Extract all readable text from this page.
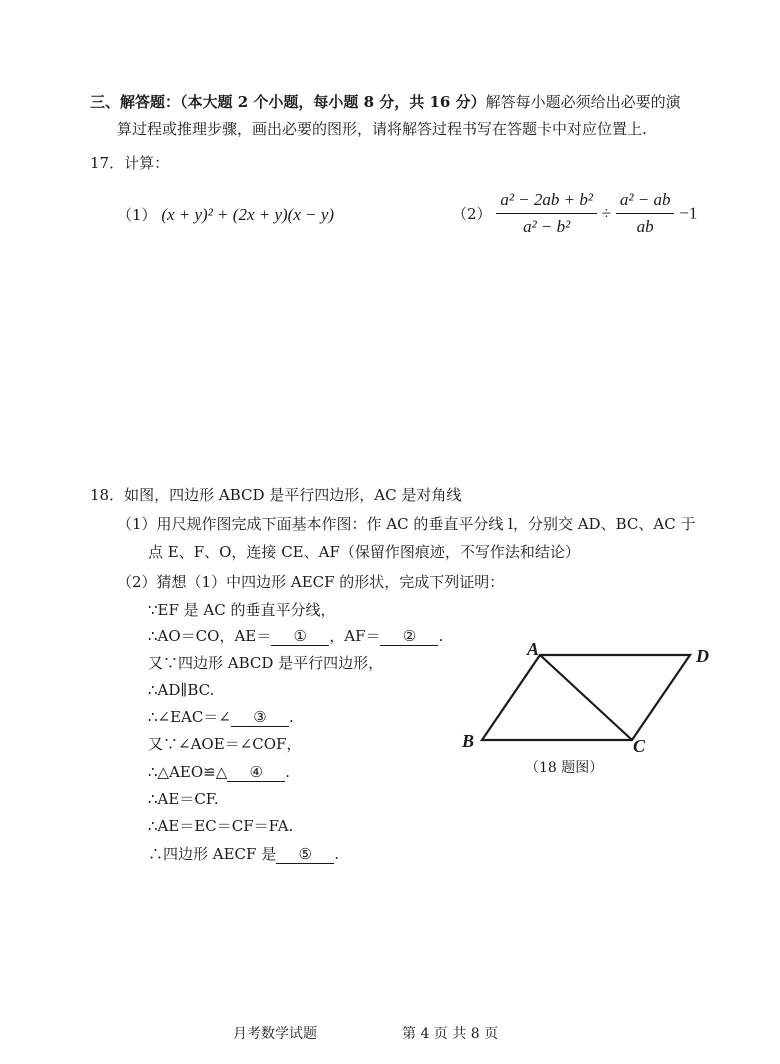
三、解答题：（本大题 2 个小题，每小题 8 分，共 16 分）解答每小题必须给出必要的演
算过程或推理步骤，画出必要的图形，请将解答过程书写在答题卡中对应位置上.
17．计算：
（1） (x + y)² + (2x + y)(x − y)	$(2) \frac{\text{a² − 2ab + b²}}{\text{a² − b²}} \div \frac{\text{a² − ab}}{ab} -1$
18．如图，四边形 ABCD 是平行四边形，AC 是对角线
（1）用尺规作图完成下面基本作图：作 AC 的垂直平分线 l，分别交 AD、BC、AC 于
点 E、F、O，连接 CE、AF（保留作图痕迹，不写作法和结论）
（2）猜想（1）中四边形 AECF 的形状，完成下列证明：
∵EF 是 AC 的垂直平分线，
∴AO＝CO，AE＝ ① ，AF＝ ② .
又∵四边形 ABCD 是平行四边形，
∴AD∥BC.
∴∠EAC＝∠ ③ .
又∵∠AOE＝∠COF，
∴△AEO≌△ ④ .
∴AE＝CF.
∴AE＝EC＝CF＝FA.
∴四边形 AECF 是 ⑤ .
A	D
B	C
（18 题图）
月考数学试题	第 4 页 共 8 页
